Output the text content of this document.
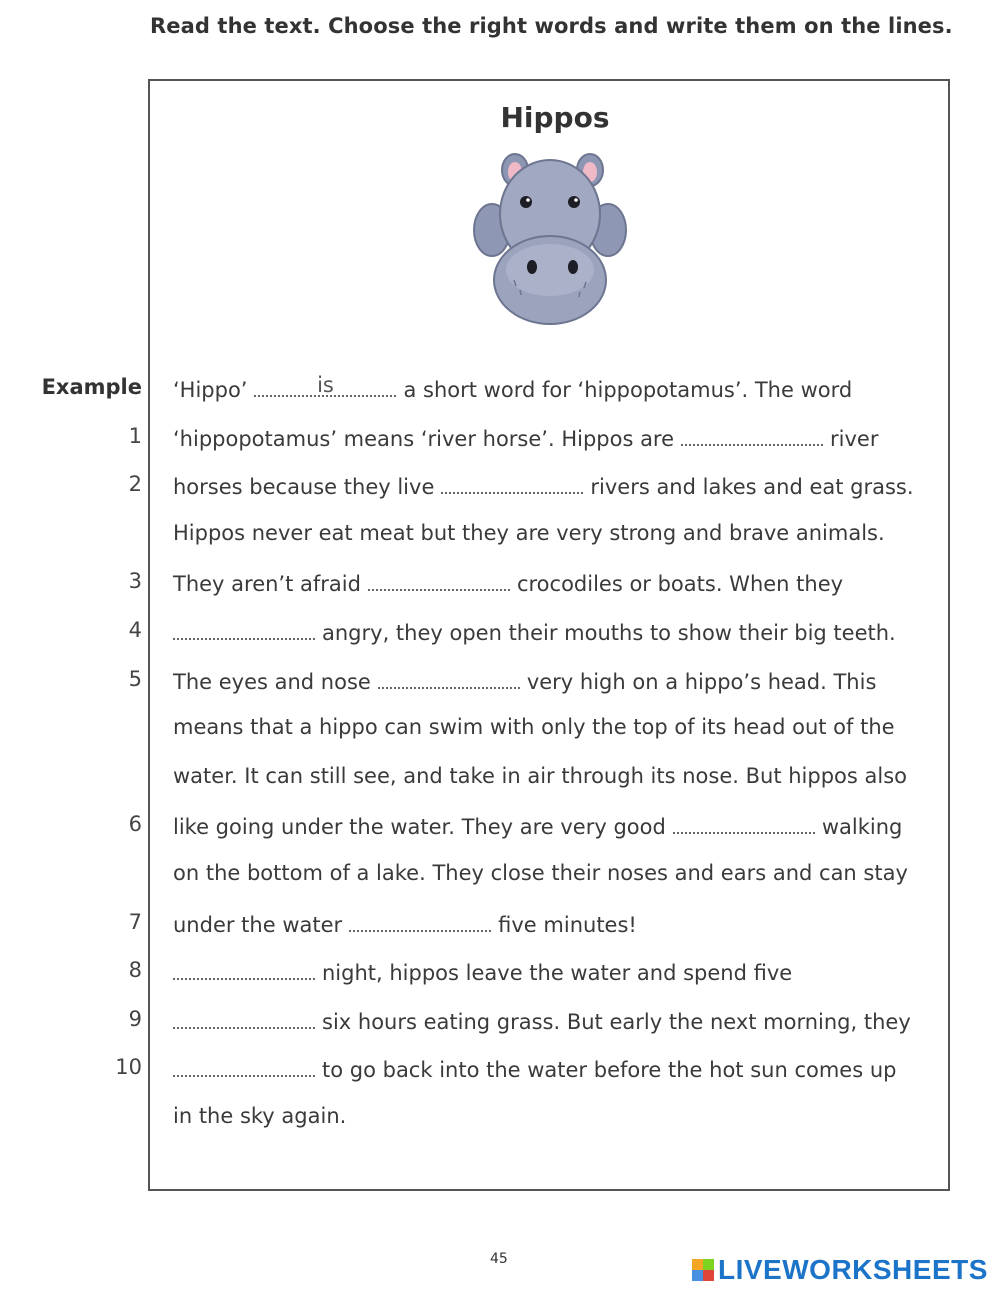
Read the text. Choose the right words and write them on the lines.
Hippos
Example ‘Hippo’	is	a short word for ‘hippopotamus’. The word
1 ‘hippopotamus’ means ‘river horse’. Hippos are	river
2 horses because they live	rivers and lakes and eat grass.
Hippos never eat meat but they are very strong and brave animals.
3 They aren’t afraid	crocodiles or boats. When they
4	angry, they open their mouths to show their big teeth.
5 The eyes and nose	very high on a hippo’s head. This
means that a hippo can swim with only the top of its head out of the
water. It can still see, and take in air through its nose. But hippos also
6 like going under the water. They are very good	walking
on the bottom of a lake. They close their noses and ears and can stay
7 under the water	five minutes!
8	night, hippos leave the water and spend five
9	six hours eating grass. But early the next morning, they
10	to go back into the water before the hot sun comes up
in the sky again.
45	LIVEWORKSHEETS
